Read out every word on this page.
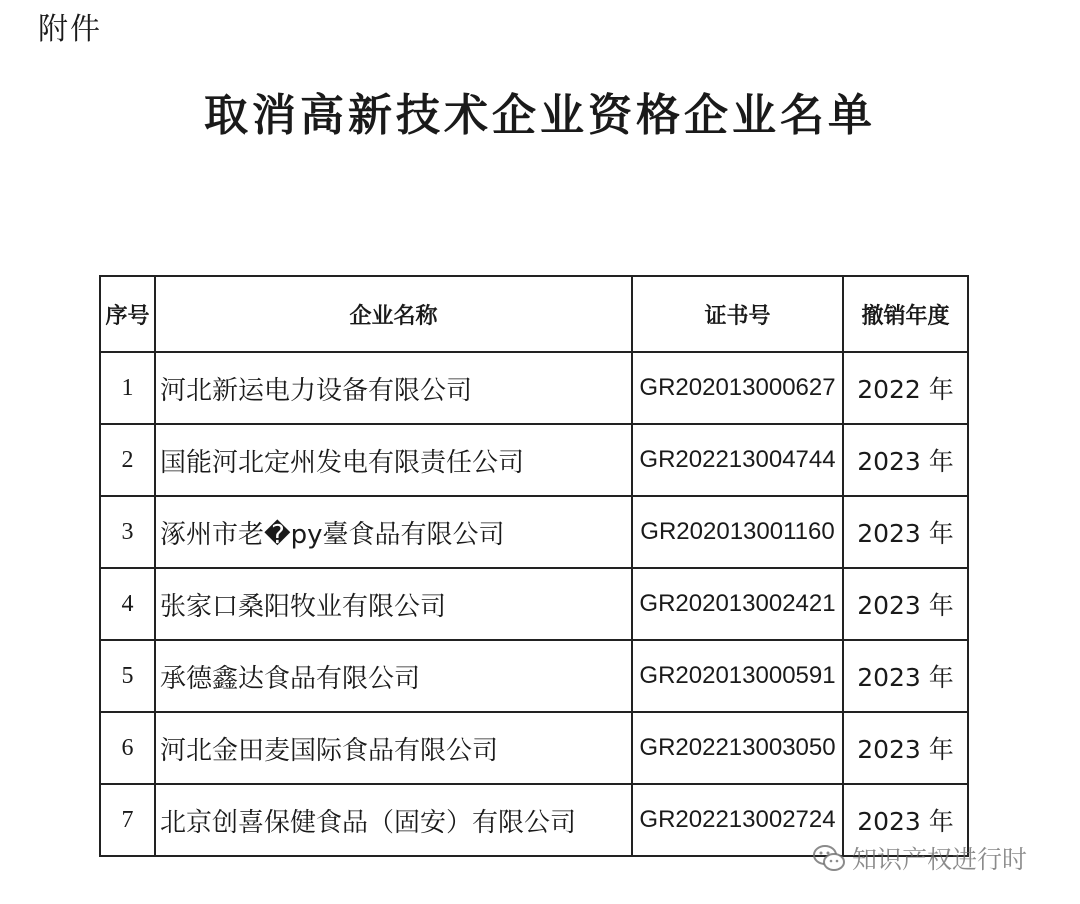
附件
取消高新技术企业资格企业名单
序号	企业名称	证书号	撤销年度
1	河北新运电力设备有限公司	GR202013000627	2022 年
2	国能河北定州发电有限责任公司	GR202213004744	2023 年
3	涿州市老�py臺食品有限公司	GR202013001160	2023 年
4	张家口桑阳牧业有限公司	GR202013002421	2023 年
5	承德鑫达食品有限公司	GR202013000591	2023 年
6	河北金田麦国际食品有限公司	GR202213003050	2023 年
7	北京创喜保健食品（固安）有限公司	GR202213002724	2023 年
知识产权进行时
